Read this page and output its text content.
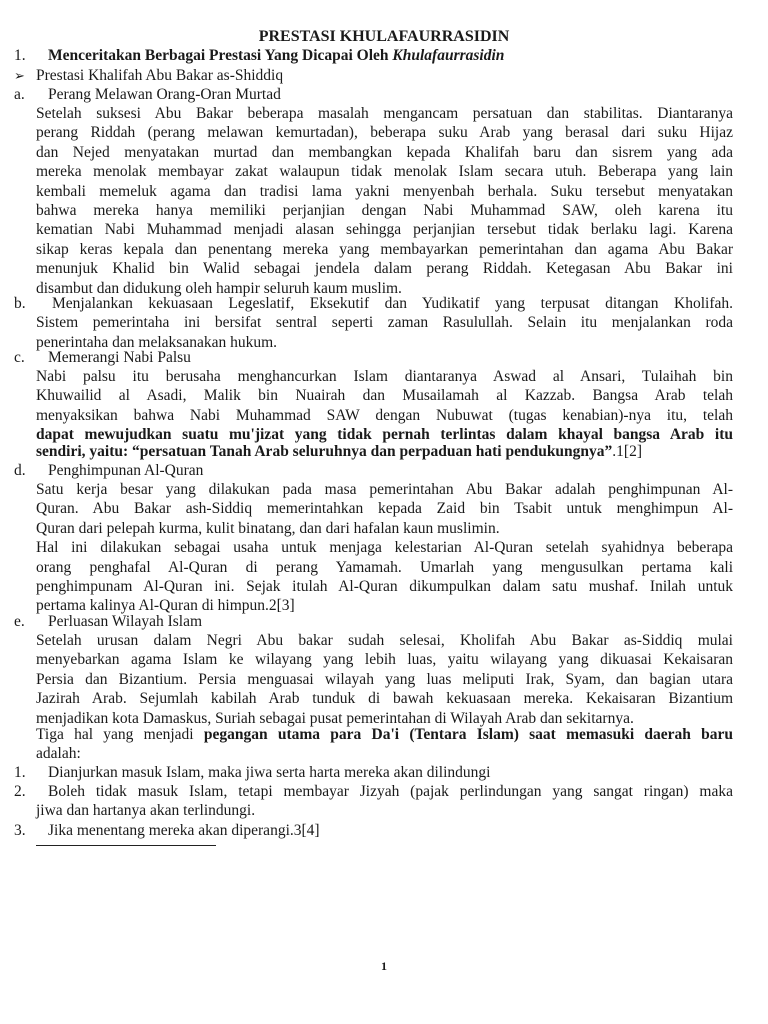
PRESTASI KHULAFAURRASIDIN
1. Menceritakan Berbagai Prestasi Yang Dicapai Oleh Khulafaurrasidin
➢ Prestasi Khalifah Abu Bakar as-Shiddiq
a. Perang Melawan Orang-Oran Murtad
Setelah suksesi Abu Bakar beberapa masalah mengancam persatuan dan stabilitas. Diantaranya
perang Riddah (perang melawan kemurtadan), beberapa suku Arab yang berasal dari suku Hijaz
dan Nejed menyatakan murtad dan membangkan kepada Khalifah baru dan sisrem yang ada
mereka menolak membayar zakat walaupun tidak menolak Islam secara utuh. Beberapa yang lain
kembali memeluk agama dan tradisi lama yakni menyenbah berhala. Suku tersebut menyatakan
bahwa mereka hanya memiliki perjanjian dengan Nabi Muhammad SAW, oleh karena itu
kematian Nabi Muhammad menjadi alasan sehingga perjanjian tersebut tidak berlaku lagi. Karena
sikap keras kepala dan penentang mereka yang membayarkan pemerintahan dan agama Abu Bakar
menunjuk Khalid bin Walid sebagai jendela dalam perang Riddah. Ketegasan Abu Bakar ini
disambut dan didukung oleh hampir seluruh kaum muslim.
b. Menjalankan kekuasaan Legeslatif, Eksekutif dan Yudikatif yang terpusat ditangan Kholifah.
Sistem pemerintaha ini bersifat sentral seperti zaman Rasulullah. Selain itu menjalankan roda
penerintaha dan melaksanakan hukum.
c. Memerangi Nabi Palsu
Nabi palsu itu berusaha menghancurkan Islam diantaranya Aswad al Ansari, Tulaihah bin
Khuwailid al Asadi, Malik bin Nuairah dan Musailamah al Kazzab. Bangsa Arab telah
menyaksikan bahwa Nabi Muhammad SAW dengan Nubuwat (tugas kenabian)-nya itu, telah
dapat mewujudkan suatu mu'jizat yang tidak pernah terlintas dalam khayal bangsa Arab itu
sendiri, yaitu: “persatuan Tanah Arab seluruhnya dan perpaduan hati pendukungnya”.1[2]
d. Penghimpunan Al-Quran
Satu kerja besar yang dilakukan pada masa pemerintahan Abu Bakar adalah penghimpunan Al-
Quran. Abu Bakar ash-Siddiq memerintahkan kepada Zaid bin Tsabit untuk menghimpun Al-
Quran dari pelepah kurma, kulit binatang, dan dari hafalan kaun muslimin.
Hal ini dilakukan sebagai usaha untuk menjaga kelestarian Al-Quran setelah syahidnya beberapa
orang penghafal Al-Quran di perang Yamamah. Umarlah yang mengusulkan pertama kali
penghimpunam Al-Quran ini. Sejak itulah Al-Quran dikumpulkan dalam satu mushaf. Inilah untuk
pertama kalinya Al-Quran di himpun.2[3]
e. Perluasan Wilayah Islam
Setelah urusan dalam Negri Abu bakar sudah selesai, Kholifah Abu Bakar as-Siddiq mulai
menyebarkan agama Islam ke wilayang yang lebih luas, yaitu wilayang yang dikuasai Kekaisaran
Persia dan Bizantium. Persia menguasai wilayah yang luas meliputi Irak, Syam, dan bagian utara
Jazirah Arab. Sejumlah kabilah Arab tunduk di bawah kekuasaan mereka. Kekaisaran Bizantium
menjadikan kota Damaskus, Suriah sebagai pusat pemerintahan di Wilayah Arab dan sekitarnya.
Tiga hal yang menjadi pegangan utama para Da'i (Tentara Islam) saat memasuki daerah baru
adalah:
1. Dianjurkan masuk Islam, maka jiwa serta harta mereka akan dilindungi
2. Boleh tidak masuk Islam, tetapi membayar Jizyah (pajak perlindungan yang sangat ringan) maka
jiwa dan hartanya akan terlindungi.
3. Jika menentang mereka akan diperangi.3[4]
1
